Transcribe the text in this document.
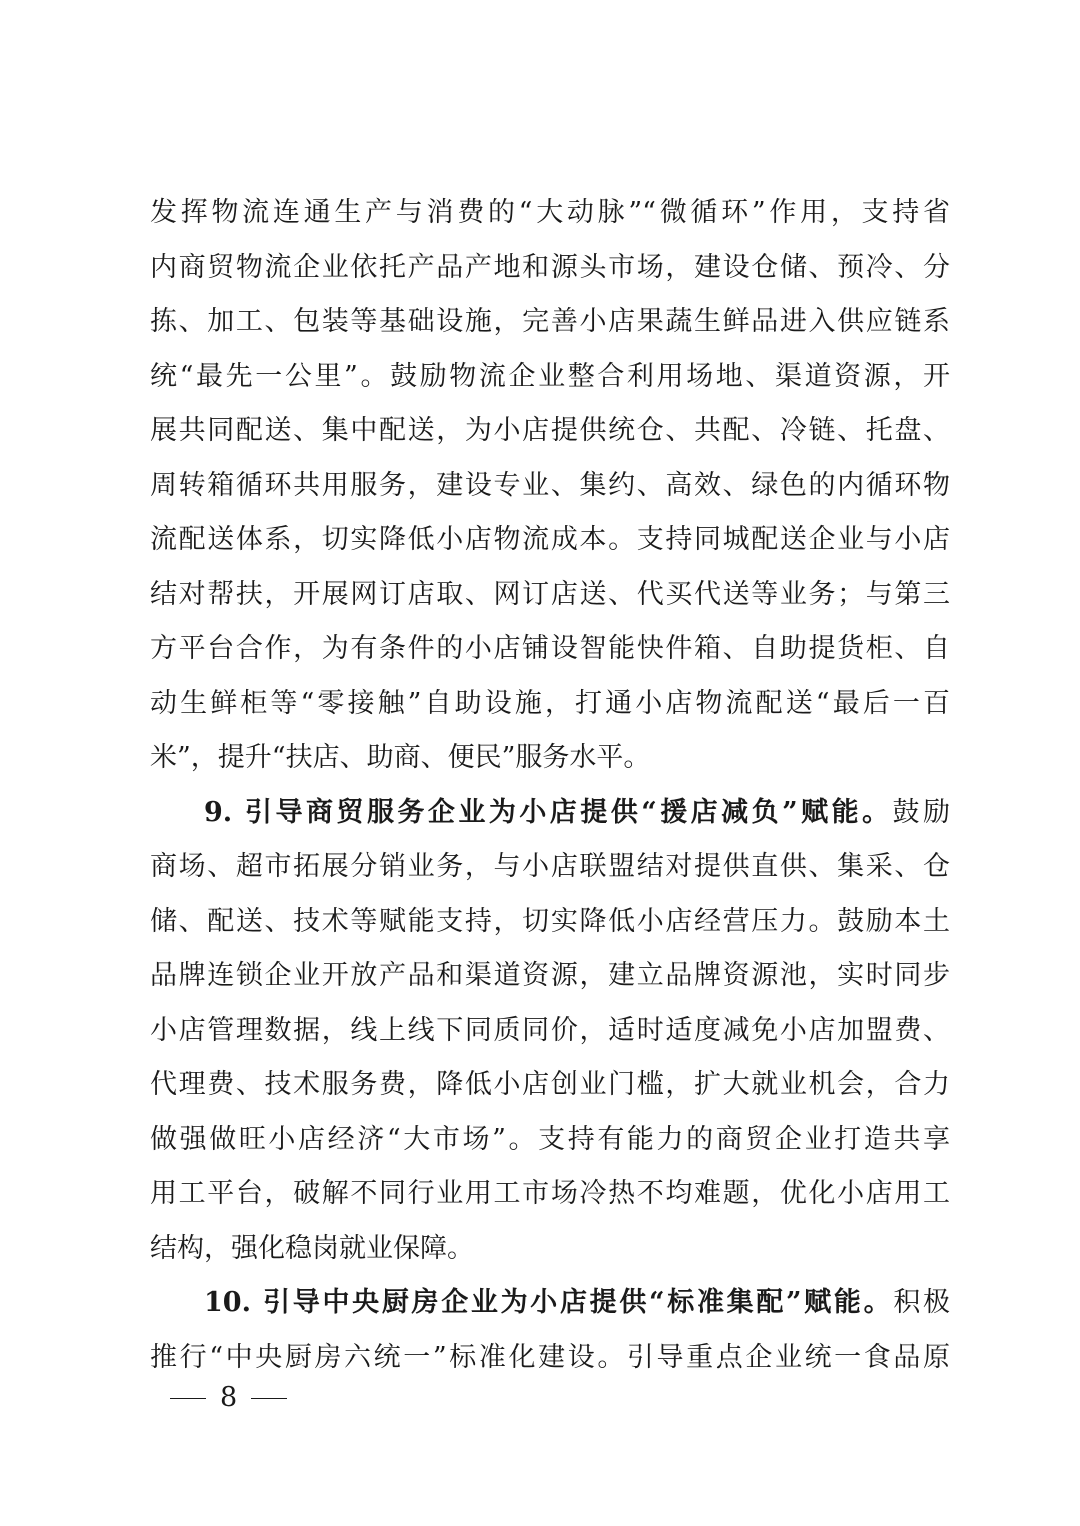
发挥物流连通生产与消费的“大动脉”“微循环”作用，支持省
内商贸物流企业依托产品产地和源头市场，建设仓储、预冷、分
拣、加工、包装等基础设施，完善小店果蔬生鲜品进入供应链系
统“最先一公里”。鼓励物流企业整合利用场地、渠道资源，开
展共同配送、集中配送，为小店提供统仓、共配、冷链、托盘、
周转箱循环共用服务，建设专业、集约、高效、绿色的内循环物
流配送体系，切实降低小店物流成本。支持同城配送企业与小店
结对帮扶，开展网订店取、网订店送、代买代送等业务；与第三
方平台合作，为有条件的小店铺设智能快件箱、自助提货柜、自
动生鲜柜等“零接触”自助设施，打通小店物流配送“最后一百
米”，提升“扶店、助商、便民”服务水平。
9. 引导商贸服务企业为小店提供“援店减负”赋能。鼓励
商场、超市拓展分销业务，与小店联盟结对提供直供、集采、仓
储、配送、技术等赋能支持，切实降低小店经营压力。鼓励本土
品牌连锁企业开放产品和渠道资源，建立品牌资源池，实时同步
小店管理数据，线上线下同质同价，适时适度减免小店加盟费、
代理费、技术服务费，降低小店创业门槛，扩大就业机会，合力
做强做旺小店经济“大市场”。支持有能力的商贸企业打造共享
用工平台，破解不同行业用工市场冷热不均难题，优化小店用工
结构，强化稳岗就业保障。
10. 引导中央厨房企业为小店提供“标准集配”赋能。积极
推行“中央厨房六统一”标准化建设。引导重点企业统一食品原
8
